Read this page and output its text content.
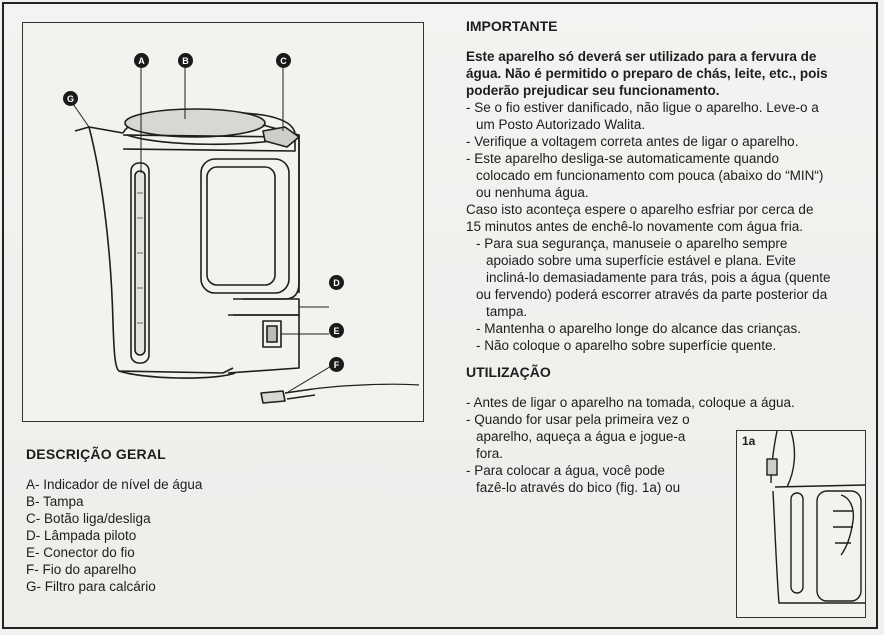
A	B	C
G
D
E
F
DESCRIÇÃO GERAL
A- Indicador de nível de água
B- Tampa
C- Botão liga/desliga
D- Lâmpada piloto
E- Conector do fio
F- Fio do aparelho
G- Filtro para calcário
IMPORTANTE
Este aparelho só deverá ser utilizado para a fervura de
água. Não é permitido o preparo de chás, leite, etc., pois
poderão prejudicar seu funcionamento.
- Se o fio estiver danificado, não ligue o aparelho. Leve-o a
um Posto Autorizado Walita.
- Verifique a voltagem correta antes de ligar o aparelho.
- Este aparelho desliga-se automaticamente quando
colocado em funcionamento com pouca (abaixo do “MIN“)
ou nenhuma água.
Caso isto aconteça espere o aparelho esfriar por cerca de
15 minutos antes de enchê-lo novamente com água fria.
- Para sua segurança, manuseie o aparelho sempre
apoiado sobre uma superfície estável e plana. Evite
incliná-lo demasiadamente para trás, pois a água (quente
ou fervendo) poderá escorrer através da parte posterior da
tampa.
- Mantenha o aparelho longe do alcance das crianças.
- Não coloque o aparelho sobre superfície quente.
UTILIZAÇÃO
- Antes de ligar o aparelho na tomada, coloque a água.
- Quando for usar pela primeira vez o
aparelho, aqueça a água e jogue-a
fora.
- Para colocar a água, você pode
fazê-lo através do bico (fig. 1a) ou
1a
